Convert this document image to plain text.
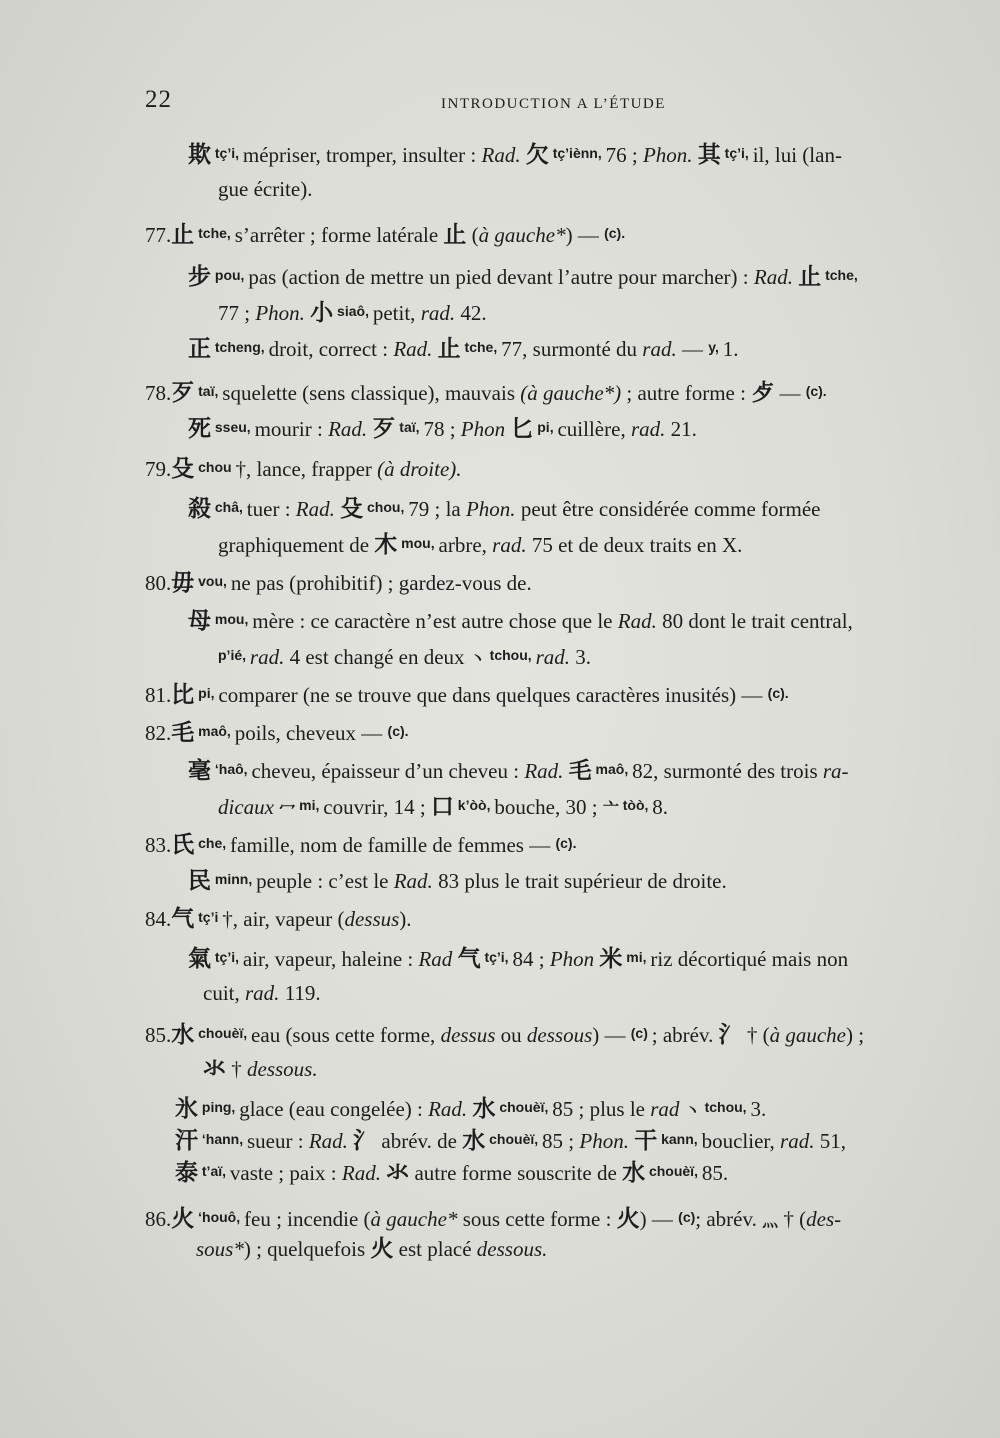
22	INTRODUCTION A L’ÉTUDE
欺 tç’i, mépriser, tromper, insulter : Rad. 欠 tç’iènn, 76 ; Phon. 其 tç’i, il, lui (lan-
gue écrite).
77.止 tche, s’arrêter ; forme latérale 止 (à gauche*) — (c).
步 pou, pas (action de mettre un pied devant l’autre pour marcher) : Rad. 止 tche,
77 ; Phon. 小 siaô, petit, rad. 42.
正 tcheng, droit, correct : Rad. 止 tche, 77, surmonté du rad. — y, 1.
78.歹 taï, squelette (sens classique), mauvais (à gauche*) ; autre forme : 歺 — (c).
死 sseu, mourir : Rad. 歹 taï, 78 ; Phon 匕 pi, cuillère, rad. 21.
79.殳 chou †, lance, frapper (à droite).
殺 châ, tuer : Rad. 殳 chou, 79 ; la Phon. peut être considérée comme formée
graphiquement de 木 mou, arbre, rad. 75 et de deux traits en X.
80.毋 vou, ne pas (prohibitif) ; gardez-vous de.
母 mou, mère : ce caractère n’est autre chose que le Rad. 80 dont le trait central,
p’ié, rad. 4 est changé en deux 丶 tchou, rad. 3.
81.比 pi, comparer (ne se trouve que dans quelques caractères inusités) — (c).
82.毛 maô, poils, cheveux — (c).
毫 ‘haô, cheveu, épaisseur d’un cheveu : Rad. 毛 maô, 82, surmonté des trois ra-
dicaux 冖 mi, couvrir, 14 ; 口 k’òò, bouche, 30 ; 亠 tòò, 8.
83.氏 che, famille, nom de famille de femmes — (c).
民 minn, peuple : c’est le Rad. 83 plus le trait supérieur de droite.
84.气 tç’i †, air, vapeur (dessus).
氣 tç’i, air, vapeur, haleine : Rad 气 tç’i, 84 ; Phon 米 mi, riz décortiqué mais non
cuit, rad. 119.
85.水 chouèï, eau (sous cette forme, dessus ou dessous) — (c) ; abrév. 氵 † (à gauche) ;
氺 † dessous.
氷 ping, glace (eau congelée) : Rad. 水 chouèï, 85 ; plus le rad 丶 tchou, 3.
汗 ‘hann, sueur : Rad. 氵 abrév. de 水 chouèï, 85 ; Phon. 干 kann, bouclier, rad. 51,
泰 t’aï, vaste ; paix : Rad. 氺 autre forme souscrite de 水 chouèï, 85.
86.火 ‘houô, feu ; incendie (à gauche* sous cette forme : 火) — (c); abrév. 灬 † (des-
sous*) ; quelquefois 火 est placé dessous.
